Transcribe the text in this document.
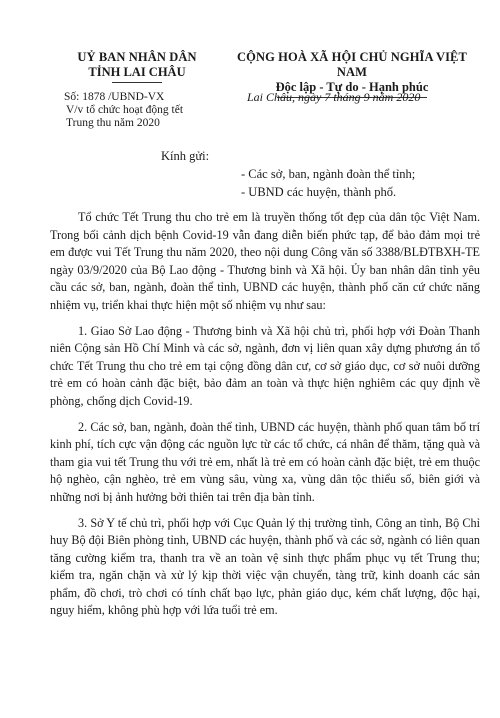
UỶ BAN NHÂN DÂN
TỈNH LAI CHÂU
CỘNG HOÀ XÃ HỘI CHỦ NGHĨA VIỆT NAM
Độc lập - Tự do - Hạnh phúc
Số: 1878 /UBND-VX
V/v tổ chức hoạt động tết
Trung thu năm 2020
Lai Châu, ngày 7 tháng 9 năm 2020
Kính gửi:
- Các sở, ban, ngành đoàn thể tỉnh;
- UBND các huyện, thành phố.

Tổ chức Tết Trung thu cho trẻ em là truyền thống tốt đẹp của dân tộc Việt Nam. Trong bối cảnh dịch bệnh Covid-19 vẫn đang diễn biến phức tạp, để bảo đảm mọi trẻ em được vui Tết Trung thu năm 2020, theo nội dung Công văn số 3388/BLĐTBXH-TE ngày 03/9/2020 của Bộ Lao động - Thương binh và Xã hội. Ủy ban nhân dân tỉnh yêu cầu các sở, ban, ngành, đoàn thể tỉnh, UBND các huyện, thành phố căn cứ chức năng nhiệm vụ, triển khai thực hiện một số nhiệm vụ như sau:

1. Giao Sở Lao động - Thương binh và Xã hội chủ trì, phối hợp với Đoàn Thanh niên Cộng sản Hồ Chí Minh và các sở, ngành, đơn vị liên quan xây dựng phương án tổ chức Tết Trung thu cho trẻ em tại cộng đồng dân cư, cơ sở giáo dục, cơ sở nuôi dưỡng trẻ em có hoàn cảnh đặc biệt, bảo đảm an toàn và thực hiện nghiêm các quy định về phòng, chống dịch Covid-19.

2. Các sở, ban, ngành, đoàn thể tỉnh, UBND các huyện, thành phố quan tâm bố trí kinh phí, tích cực vận động các nguồn lực từ các tổ chức, cá nhân để thăm, tặng quà và tham gia vui tết Trung thu với trẻ em, nhất là trẻ em có hoàn cảnh đặc biệt, trẻ em thuộc hộ nghèo, cận nghèo, trẻ em vùng sâu, vùng xa, vùng dân tộc thiểu số, biên giới và những nơi bị ảnh hưởng bởi thiên tai trên địa bàn tỉnh.

3. Sở Y tế chủ trì, phối hợp với Cục Quản lý thị trường tỉnh, Công an tỉnh, Bộ Chỉ huy Bộ đội Biên phòng tỉnh, UBND các huyện, thành phố và các sở, ngành có liên quan tăng cường kiểm tra, thanh tra về an toàn vệ sinh thực phẩm phục vụ tết Trung thu; kiểm tra, ngăn chặn và xử lý kịp thời việc vận chuyển, tàng trữ, kinh doanh các sản phẩm, đồ chơi, trò chơi có tính chất bạo lực, phản giáo dục, kém chất lượng, độc hại, nguy hiểm, không phù hợp với lứa tuổi trẻ em.
